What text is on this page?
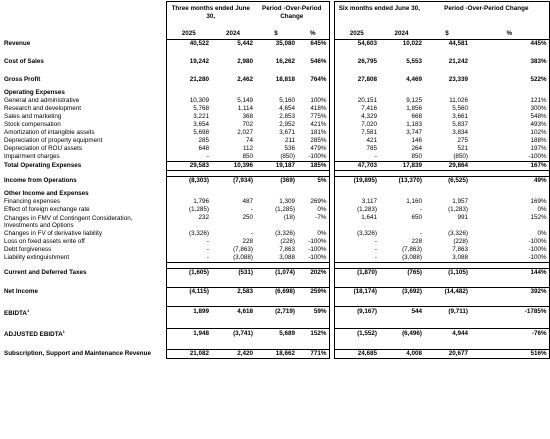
	Three months ended June 30,		Period -Over-Period Change			Six months ended June 30,		Period -Over-Period Change	
	2025	2024	$	%		2025	2024	$	%
Revenue	40,522	5,442	35,080	645%		54,603	10,022	44,581	445%

Cost of Sales	19,242	2,980	16,262	546%		26,795	5,553	21,242	383%

Gross Profit	21,280	2,462	18,818	764%		27,808	4,469	23,339	522%

Operating Expenses									
General and administrative	10,309	5,149	5,160	100%		20,151	9,125	11,026	121%
Research and development	5,768	1,114	4,654	418%		7,416	1,856	5,560	300%
Sales and marketing	3,221	368	2,853	775%		4,329	668	3,661	548%
Stock compensation	3,654	702	2,952	421%		7,020	1,183	5,837	493%
Amortization of intangible assets	5,698	2,027	3,671	181%		7,581	3,747	3,834	102%
Depreciation of property equipment	285	74	211	285%		421	146	275	188%
Depreciation of ROU assets	648	112	536	479%		785	264	521	197%
Impairment charges	-	850	(850)	-100%		-	850	(850)	-100%
Total Operating Expenses	29,583	10,396	19,187	185%		47,703	17,839	29,864	167%

Income from Operations	(8,303)	(7,934)	(369)	5%		(19,895)	(13,370)	(6,525)	49%

Other Income and Expenses									
Financing expenses	1,796	487	1,309	269%		3,117	1,160	1,957	169%
Effect of foreign exchange rate	(1,285)	-	(1,285)	0%		(1,283)	-	(1,283)	0%
Changes in FMV of Contingent Consideration, Investments and Options	232	250	(18)	-7%		1,641	650	991	152%
Changes in FV of derivative liability	(3,326)	-	(3,326)	0%		(3,326)	-	(3,326)	0%
Loss on fixed assets write off	-	228	(228)	-100%		-	228	(228)	-100%
Debt forgiveness	-	(7,863)	7,863	-100%		-	(7,863)	7,863	-100%
Liability extinguishment	-	(3,088)	3,088	-100%		-	(3,088)	3,088	-100%

Current and Deferred Taxes	(1,605)	(531)	(1,074)	202%		(1,870)	(765)	(1,105)	144%

Net Income	(4,115)	2,583	(6,698)	259%		(18,174)	(3,692)	(14,482)	392%

EBIDTA$^1$	1,899	4,618	(2,719)	59%		(9,167)	544	(9,711)	-1785%

ADJUSTED EBIDTA$^1$	1,948	(3,741)	5,689	152%		(1,552)	(6,496)	4,944	-76%

Subscription, Support and Maintenance Revenue	21,082	2,420	18,662	771%		24,685	4,008	20,677	516%
